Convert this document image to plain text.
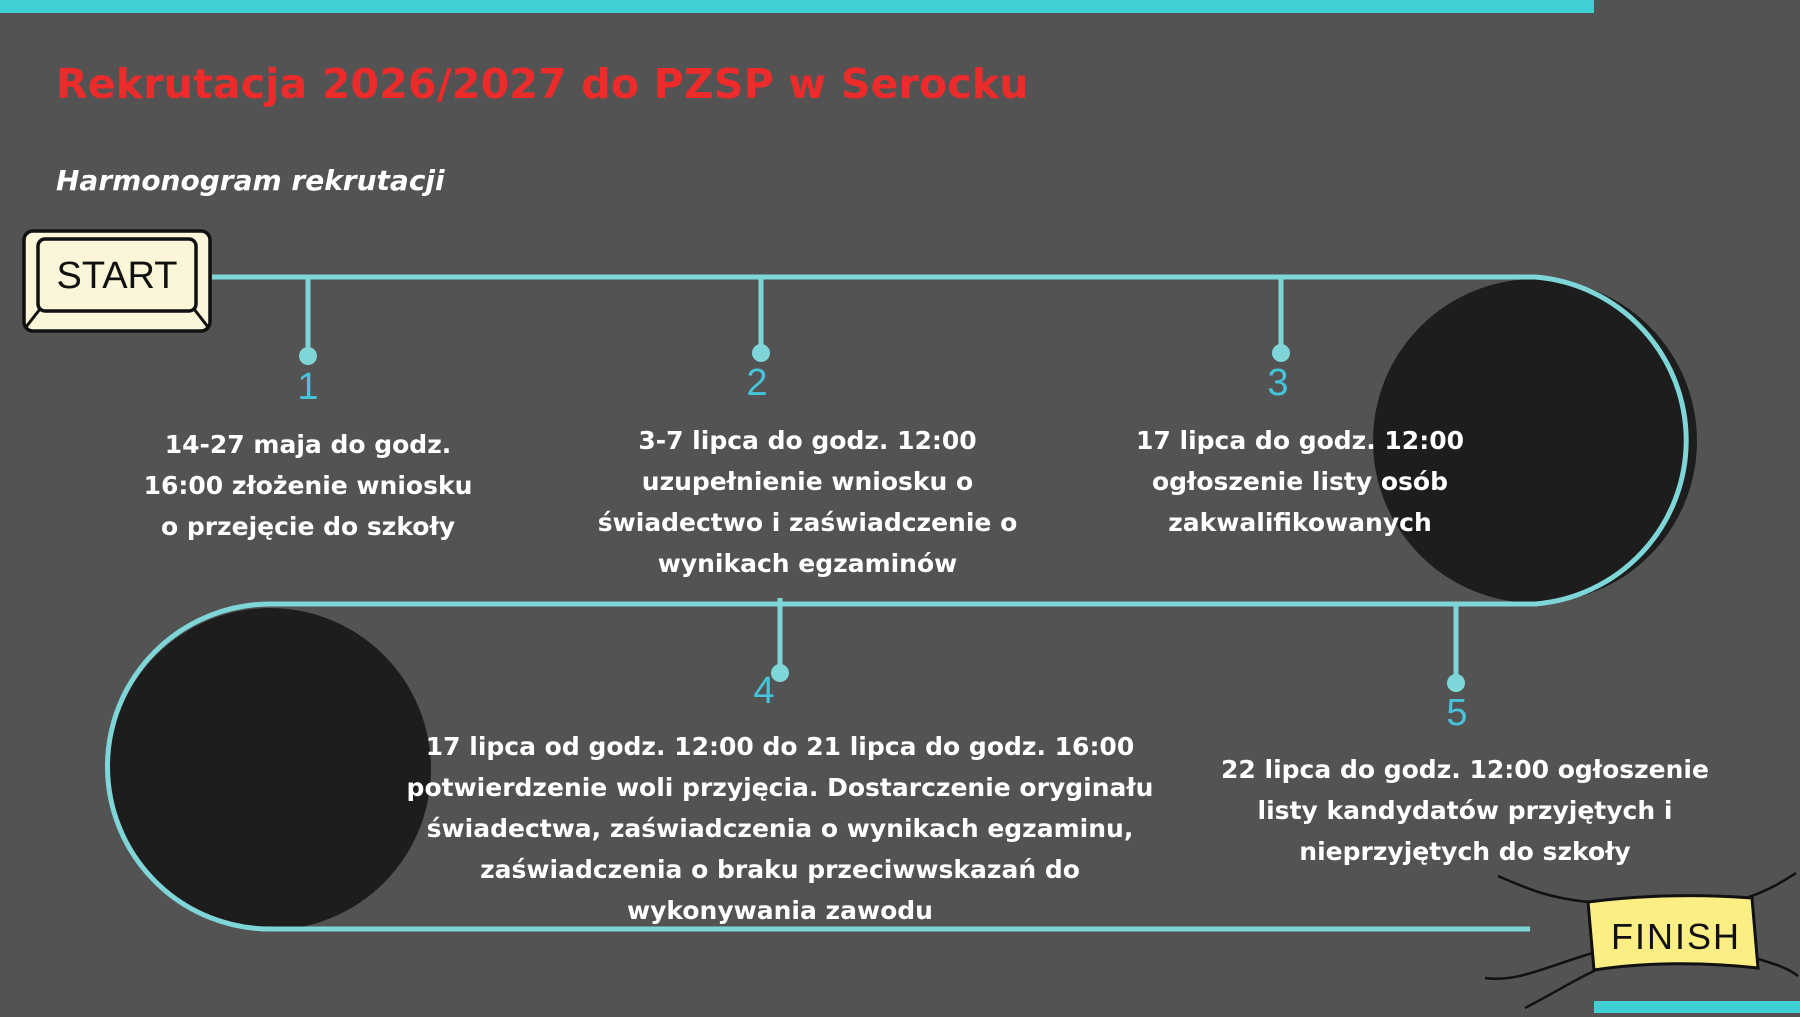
Rekrutacja 2026/2027 do PZSP w Serocku
Harmonogram rekrutacji
START
FINISH
1	2	3
4
5
14-27 maja do godz. 16:00 złożenie wniosku o przejęcie do szkoły
3-7 lipca do godz. 12:00 uzupełnienie wniosku o świadectwo i zaświadczenie o wynikach egzaminów
17 lipca do godz. 12:00 ogłoszenie listy osób zakwalifikowanych
17 lipca od godz. 12:00 do 21 lipca do godz. 16:00 potwierdzenie woli przyjęcia. Dostarczenie oryginału świadectwa, zaświadczenia o wynikach egzaminu, zaświadczenia o braku przeciwwskazań do wykonywania zawodu
22 lipca do godz. 12:00 ogłoszenie listy kandydatów przyjętych i nieprzyjętych do szkoły
